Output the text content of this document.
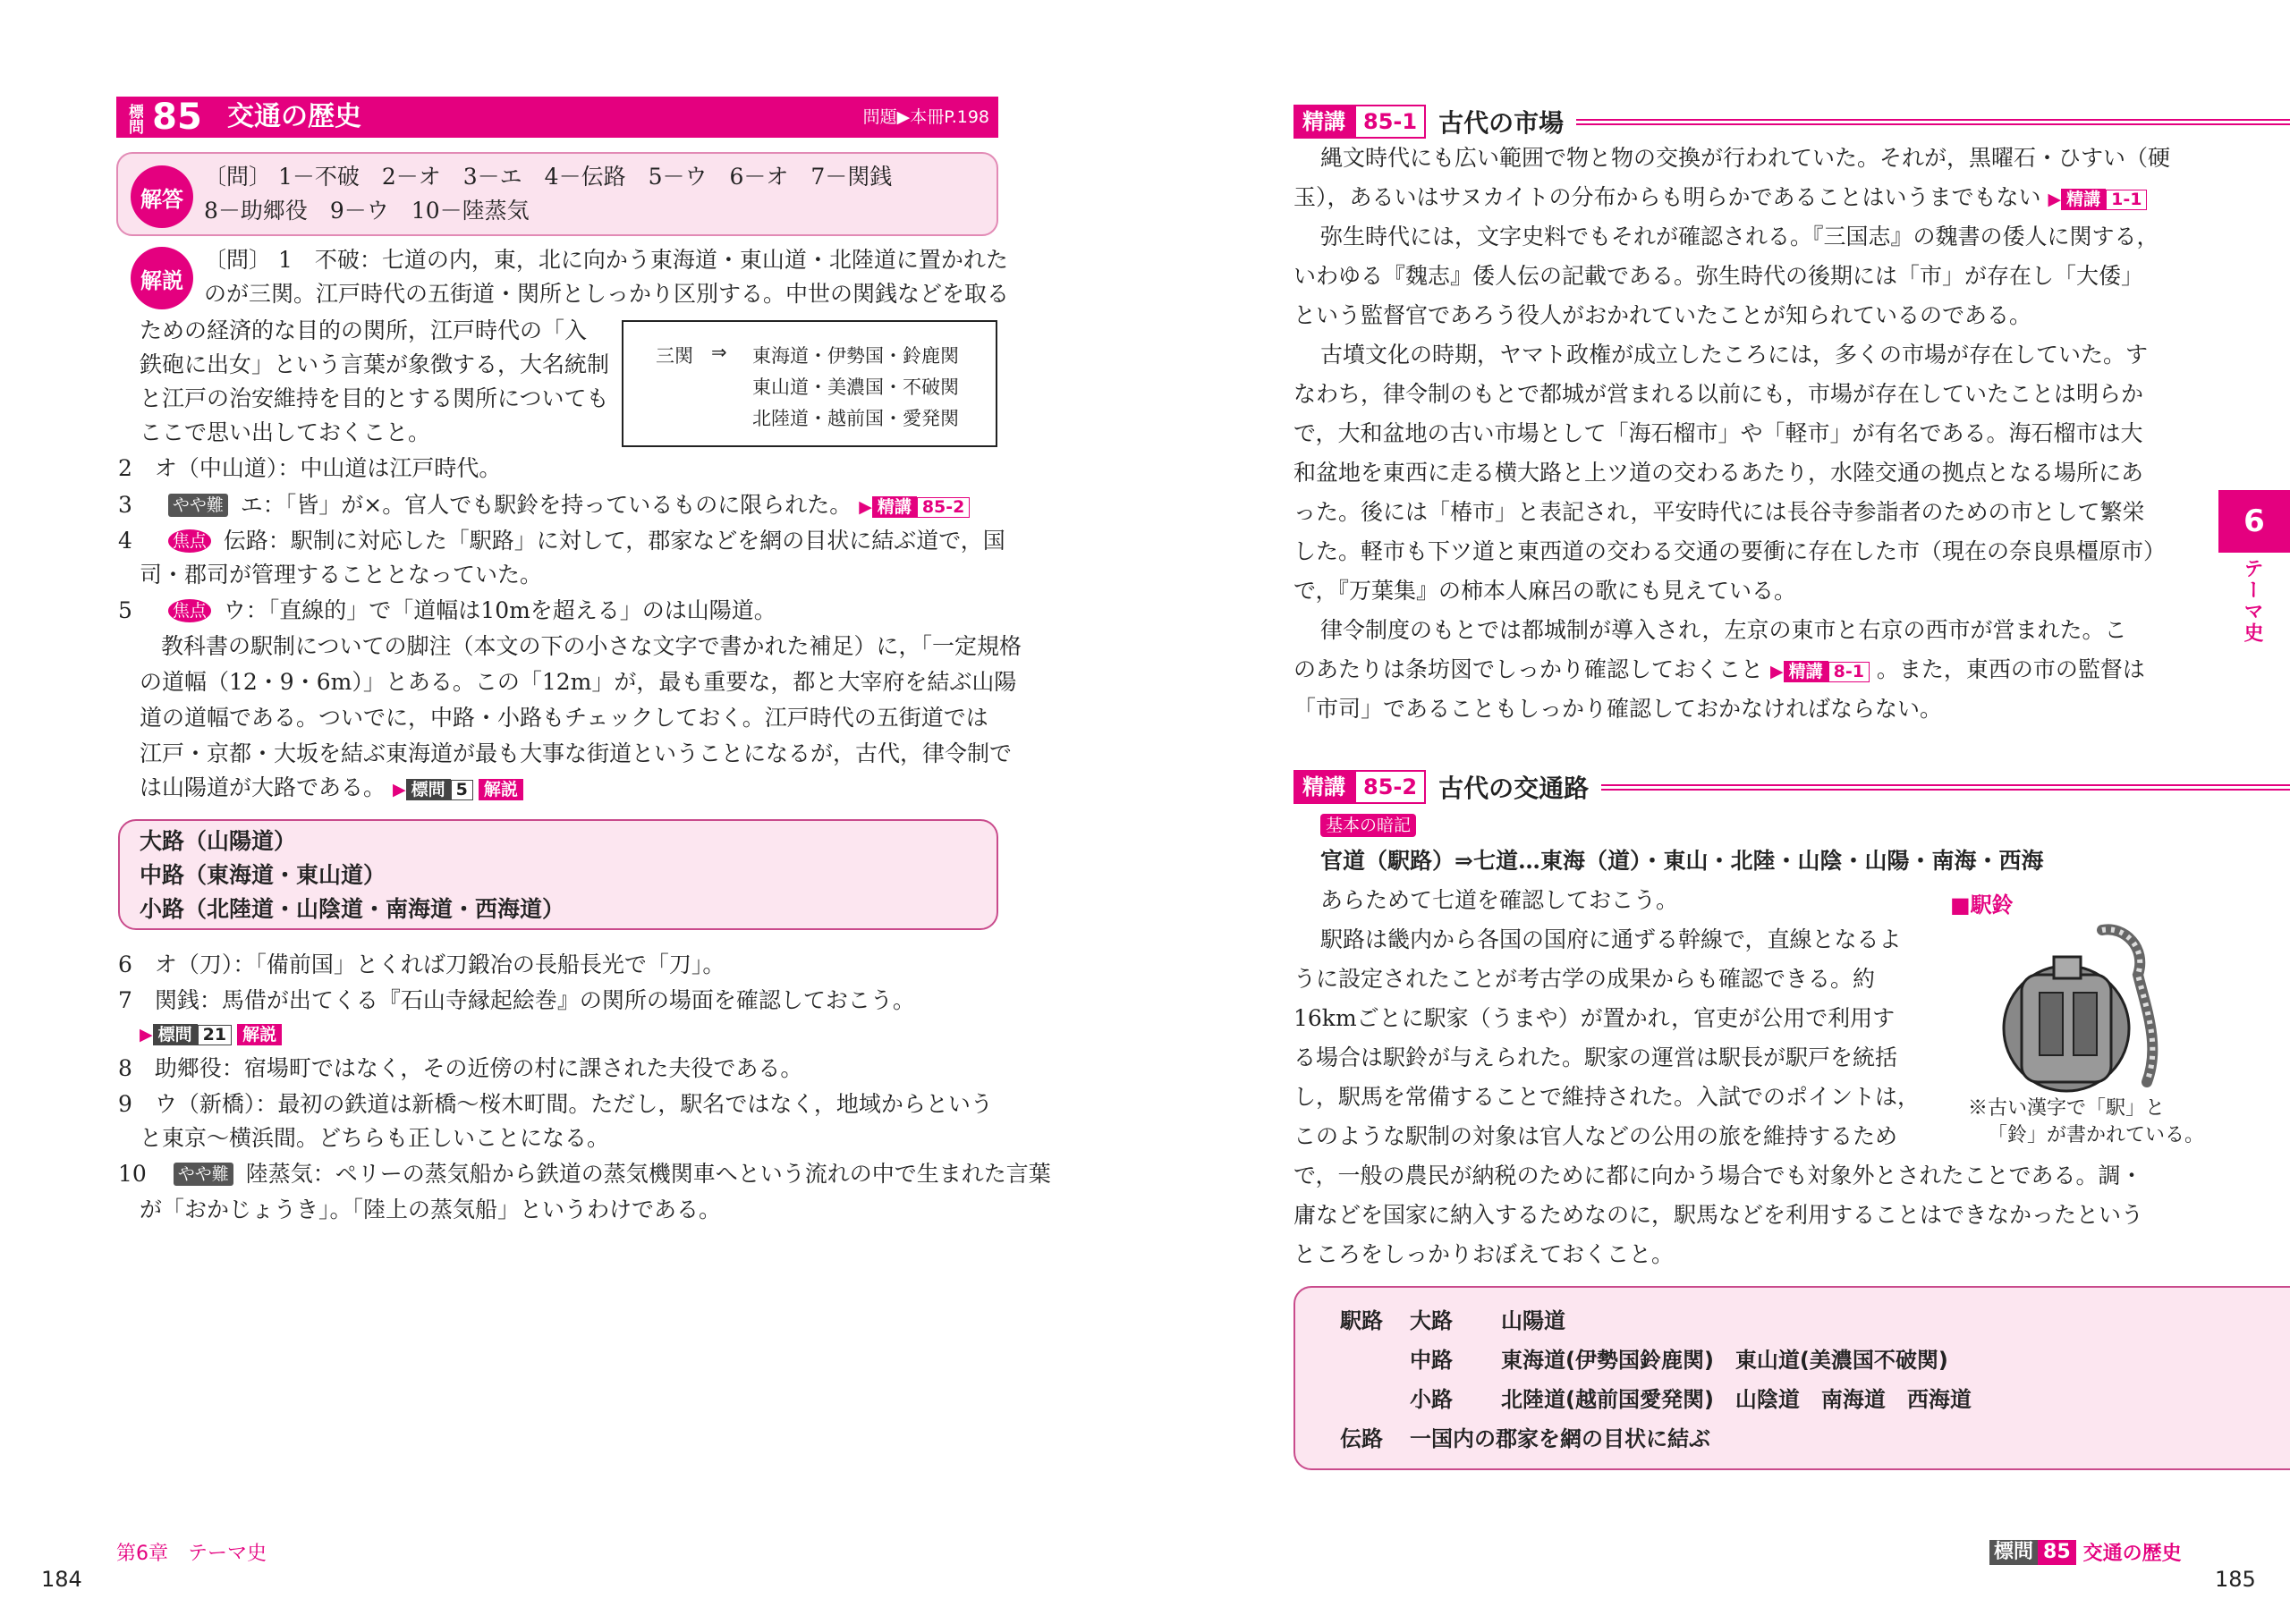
標問 85 交通の歴史	問題▶本冊P.198
解答
〔問〕 1－不破　2－オ　3－エ　4－伝路　5－ウ　6－オ　7－関銭
8－助郷役　9－ウ　10－陸蒸気
解説
〔問〕 1　不破：七道の内，東，北に向かう東海道・東山道・北陸道に置かれた
のが三関。江戸時代の五街道・関所としっかり区別する。中世の関銭などを取る
ための経済的な目的の関所，江戸時代の「入
鉄砲に出女」という言葉が象徴する，大名統制
と江戸の治安維持を目的とする関所についても
ここで思い出しておくこと。
三関 ⇒ 東海道・伊勢国・鈴鹿関
東山道・美濃国・不破関
北陸道・越前国・愛発関
2　オ（中山道）：中山道は江戸時代。
3 やや難 エ：「皆」が×。官人でも駅鈴を持っているものに限られた。 ▶ 精講 85-2
4 焦点 伝路：駅制に対応した「駅路」に対して，郡家などを網の目状に結ぶ道で，国
司・郡司が管理することとなっていた。
5 焦点 ウ：「直線的」で「道幅は10mを超える」のは山陽道。
教科書の駅制についての脚注（本文の下の小さな文字で書かれた補足）に，「一定規格
の道幅（12・9・6m）」とある。この「12m」が，最も重要な，都と大宰府を結ぶ山陽
道の道幅である。ついでに，中路・小路もチェックしておく。江戸時代の五街道では
江戸・京都・大坂を結ぶ東海道が最も大事な街道ということになるが，古代，律令制で
は山陽道が大路である。 ▶ 標問 5 解説
大路（山陽道）
中路（東海道・東山道）
小路（北陸道・山陰道・南海道・西海道）
6　オ（刀）：「備前国」とくれば刀鍛冶の長船長光で「刀」。
7　関銭：馬借が出てくる『石山寺縁起絵巻』の関所の場面を確認しておこう。
▶ 標問 21 解説
8　助郷役：宿場町ではなく，その近傍の村に課された夫役である。
9　ウ（新橋）：最初の鉄道は新橋～桜木町間。ただし，駅名ではなく，地域からという
と東京～横浜間。どちらも正しいことになる。
10 やや難 陸蒸気：ペリーの蒸気船から鉄道の蒸気機関車へという流れの中で生まれた言葉
が「おかじょうき」。「陸上の蒸気船」というわけである。
第6章　テーマ史
184
精講 85-1 古代の市場
縄文時代にも広い範囲で物と物の交換が行われていた。それが，黒曜石・ひすい（硬
玉），あるいはサヌカイトの分布からも明らかであることはいうまでもない ▶ 精講 1-1
弥生時代には，文字史料でもそれが確認される。『三国志』の魏書の倭人に関する，
いわゆる『魏志』倭人伝の記載である。弥生時代の後期には「市」が存在し「大倭」
という監督官であろう役人がおかれていたことが知られているのである。
古墳文化の時期，ヤマト政権が成立したころには，多くの市場が存在していた。す
なわち，律令制のもとで都城が営まれる以前にも，市場が存在していたことは明らか
で，大和盆地の古い市場として「海石榴市」や「軽市」が有名である。海石榴市は大
和盆地を東西に走る横大路と上ツ道の交わるあたり，水陸交通の拠点となる場所にあ
った。後には「椿市」と表記され，平安時代には長谷寺参詣者のための市として繁栄
した。軽市も下ツ道と東西道の交わる交通の要衝に存在した市（現在の奈良県橿原市）
で，『万葉集』の柿本人麻呂の歌にも見えている。
律令制度のもとでは都城制が導入され，左京の東市と右京の西市が営まれた。こ
のあたりは条坊図でしっかり確認しておくこと ▶ 精講 8-1 。また，東西の市の監督は
「市司」であることもしっかり確認しておかなければならない。
6
テーマ史
精講 85-2 古代の交通路
基本の暗記
官道（駅路）⇒七道…東海（道）・東山・北陸・山陰・山陽・南海・西海
あらためて七道を確認しておこう。
駅路は畿内から各国の国府に通ずる幹線で，直線となるよ
うに設定されたことが考古学の成果からも確認できる。約
16kmごとに駅家（うまや）が置かれ，官吏が公用で利用す
る場合は駅鈴が与えられた。駅家の運営は駅長が駅戸を統括
し，駅馬を常備することで維持された。入試でのポイントは，
このような駅制の対象は官人などの公用の旅を維持するため
で，一般の農民が納税のために都に向かう場合でも対象外とされたことである。調・
庸などを国家に納入するためなのに，駅馬などを利用することはできなかったという
ところをしっかりおぼえておくこと。
■駅鈴
※古い漢字で「駅」と
「鈴」が書かれている。
駅路 大路 山陽道
中路 東海道(伊勢国鈴鹿関)　東山道(美濃国不破関)
小路 北陸道(越前国愛発関)　山陰道　南海道　西海道
伝路 一国内の郡家を網の目状に結ぶ
標問 85 交通の歴史
185
